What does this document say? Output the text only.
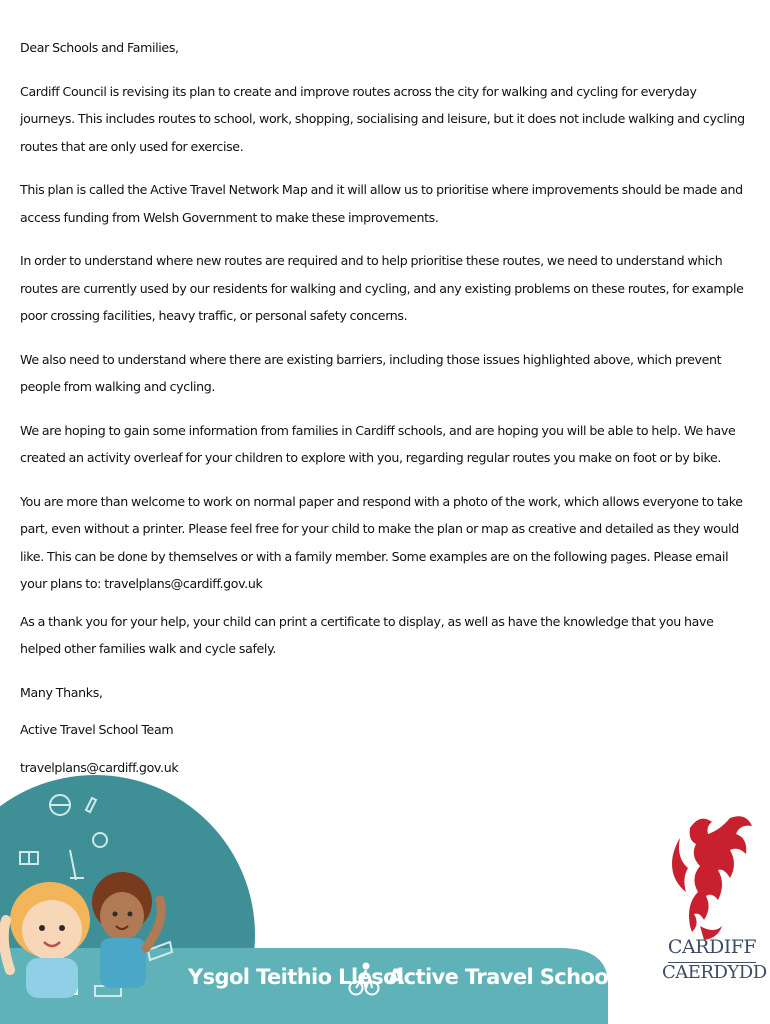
Dear Schools and Families,

Cardiff Council is revising its plan to create and improve routes across the city for walking and cycling for everyday journeys. This includes routes to school, work, shopping, socialising and leisure, but it does not include walking and cycling routes that are only used for exercise.

This plan is called the Active Travel Network Map and it will allow us to prioritise where improvements should be made and access funding from Welsh Government to make these improvements.

In order to understand where new routes are required and to help prioritise these routes, we need to understand which routes are currently used by our residents for walking and cycling, and any existing problems on these routes, for example poor crossing facilities, heavy traffic, or personal safety concerns.

We also need to understand where there are existing barriers, including those issues highlighted above, which prevent people from walking and cycling.

We are hoping to gain some information from families in Cardiff schools, and are hoping you will be able to help. We have created an activity overleaf for your children to explore with you, regarding regular routes you make on foot or by bike.

You are more than welcome to work on normal paper and respond with a photo of the work, which allows everyone to take part, even without a printer. Please feel free for your child to make the plan or map as creative and detailed as they would like. This can be done by themselves or with a family member. Some examples are on the following pages. Please email your plans to: travelplans@cardiff.gov.uk

As a thank you for your help, your child can print a certificate to display, as well as have the knowledge that you have helped other families walk and cycle safely.

Many Thanks,

Active Travel School Team

travelplans@cardiff.gov.uk

Ysgol Teithio Llesol
Active Travel School
CARDIFF
CAERDYDD
